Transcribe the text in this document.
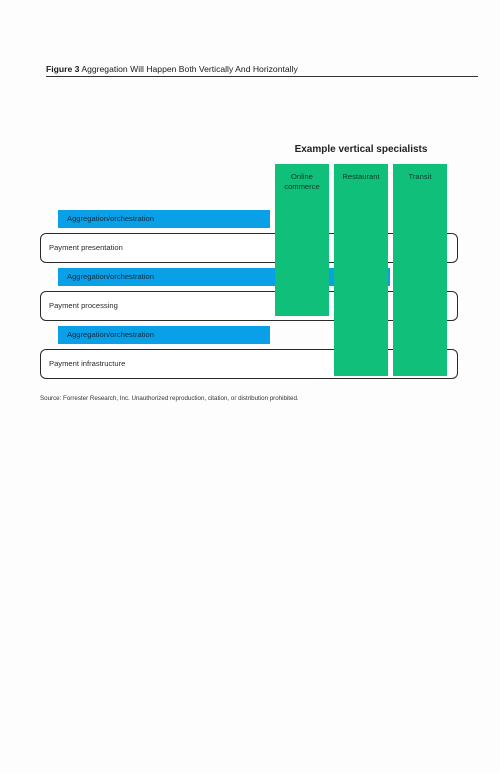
Figure 3 Aggregation Will Happen Both Vertically And Horizontally
Example vertical specialists
Aggregation/orchestration
Aggregation/orchestration
Aggregation/orchestration
Payment presentation
Payment processing
Payment infrastructure
Online
commerce
Restaurant	Transit
Source: Forrester Research, Inc. Unauthorized reproduction, citation, or distribution prohibited.
